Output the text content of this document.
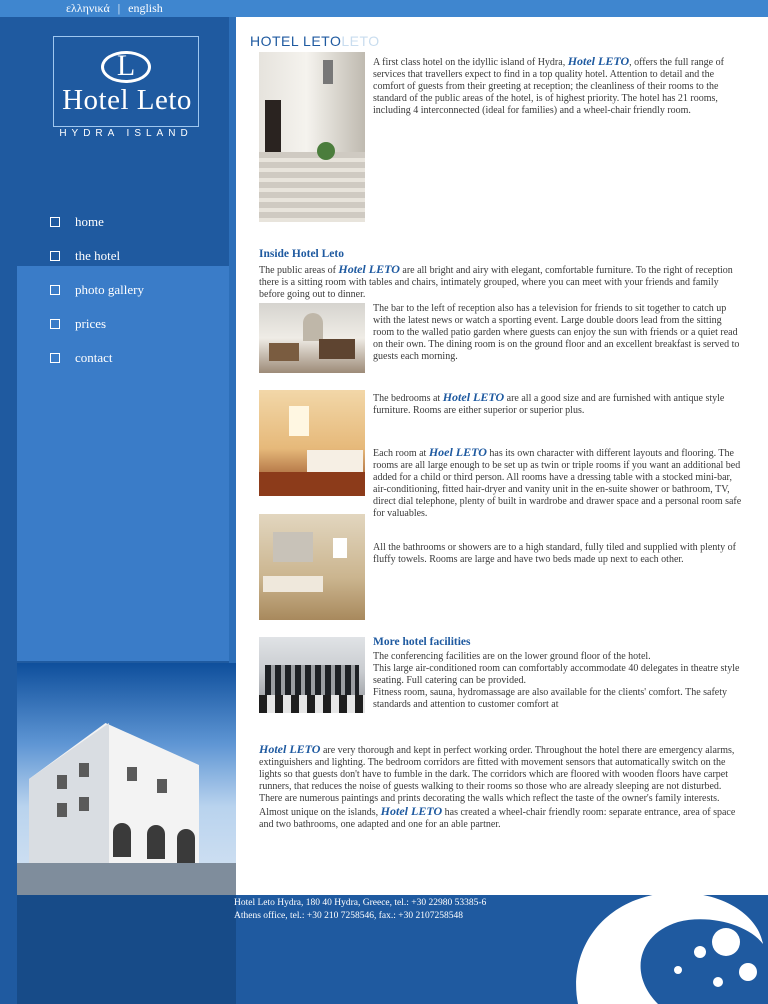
ελληνικά | english
L
Hotel Leto
HYDRA ISLAND
home
the hotel
photo gallery
prices
contact
HOTEL LETOLETO

A first class hotel on the idyllic island of Hydra, Hotel LETO, offers the full range of services that travellers expect to find in a top quality hotel. Attention to detail and the comfort of guests from their greeting at reception; the cleanliness of their rooms to the standard of the public areas of the hotel, is of highest priority. The hotel has 21 rooms, including 4 interconnected (ideal for families) and a wheel-chair friendly room.

Inside Hotel Leto

The public areas of Hotel LETO are all bright and airy with elegant, comfortable furniture. To the right of reception there is a sitting room with tables and chairs, intimately grouped, where you can meet with your friends and family before going out to dinner.

The bar to the left of reception also has a television for friends to sit together to catch up with the latest news or watch a sporting event. Large double doors lead from the sitting room to the walled patio garden where guests can enjoy the sun with friends or a quiet read on their own. The dining room is on the ground floor and an excellent breakfast is served to guests each morning.

The bedrooms at Hotel LETO are all a good size and are furnished with antique style furniture. Rooms are either superior or superior plus.

Each room at Hoel LETO has its own character with different layouts and flooring. The rooms are all large enough to be set up as twin or triple rooms if you want an additional bed added for a child or third person. All rooms have a dressing table with a stocked mini-bar, air-conditioning, fitted hair-dryer and vanity unit in the en-suite shower or bathroom, TV, direct dial telephone, plenty of built in wardrobe and drawer space and a personal room safe for valuables.

All the bathrooms or showers are to a high standard, fully tiled and supplied with plenty of fluffy towels. Rooms are large and have two beds made up next to each other.

More hotel facilities

The conferencing facilities are on the lower ground floor of the hotel.

This large air-conditioned room can comfortably accommodate 40 delegates in theatre style seating. Full catering can be provided.

Fitness room, sauna, hydromassage are also available for the clients' comfort. The safety standards and attention to customer comfort at

Hotel LETO are very thorough and kept in perfect working order. Throughout the hotel there are emergency alarms, extinguishers and lighting. The bedroom corridors are fitted with movement sensors that automatically switch on the lights so that guests don't have to fumble in the dark. The corridors which are floored with wooden floors have carpet runners, that reduces the noise of guests walking to their rooms so those who are already sleeping are not disturbed. There are numerous paintings and prints decorating the walls which reflect the taste of the owner's family interests. Almost unique on the islands, Hotel LETO has created a wheel-chair friendly room: separate entrance, area of space and two bathrooms, one adapted and one for an able partner.

Hotel Leto Hydra, 180 40 Hydra, Greece, tel.: +30 22980 53385-6
Athens office, tel.: +30 210 7258546, fax.: +30 2107258548
